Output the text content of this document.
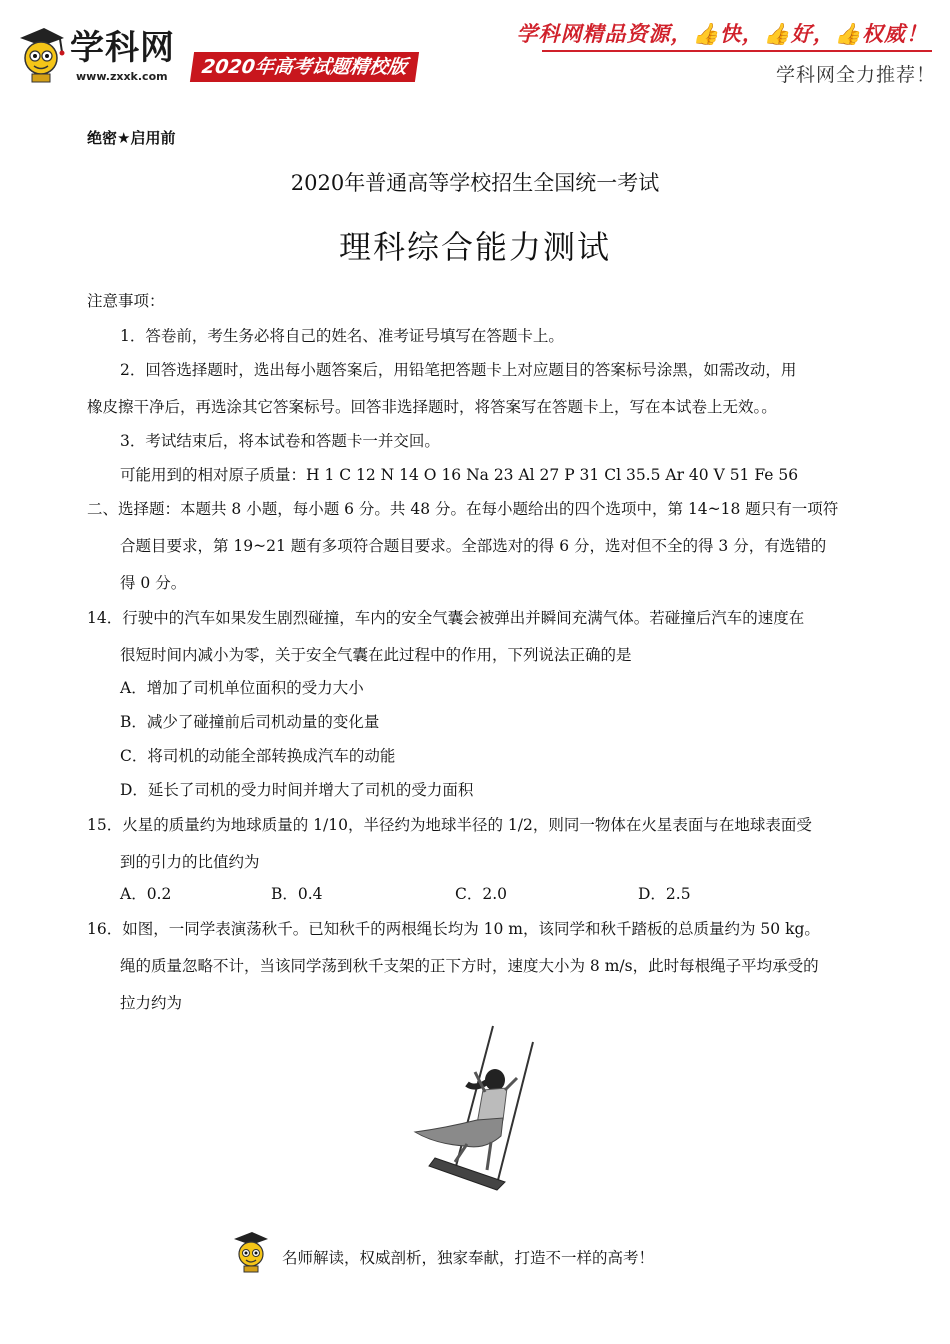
学科网
www.zxxk.com	2020年高考试题精校版
学科网精品资源，👍快，👍好，👍权威！
学科网全力推荐！
绝密★启用前
2020年普通高等学校招生全国统一考试
理科综合能力测试
注意事项：
1．答卷前，考生务必将自己的姓名、准考证号填写在答题卡上。
2．回答选择题时，选出每小题答案后，用铅笔把答题卡上对应题目的答案标号涂黑，如需改动，用
橡皮擦干净后，再选涂其它答案标号。回答非选择题时，将答案写在答题卡上，写在本试卷上无效。。
3．考试结束后，将本试卷和答题卡一并交回。
可能用到的相对原子质量：H 1 C 12 N 14 O 16 Na 23 Al 27 P 31 Cl 35.5 Ar 40 V 51 Fe 56
二、选择题：本题共 8 小题，每小题 6 分。共 48 分。在每小题给出的四个选项中，第 14~18 题只有一项符
合题目要求，第 19~21 题有多项符合题目要求。全部选对的得 6 分，选对但不全的得 3 分，有选错的
得 0 分。
14．行驶中的汽车如果发生剧烈碰撞，车内的安全气囊会被弹出并瞬间充满气体。若碰撞后汽车的速度在
很短时间内减小为零，关于安全气囊在此过程中的作用，下列说法正确的是
A．增加了司机单位面积的受力大小
B．减少了碰撞前后司机动量的变化量
C．将司机的动能全部转换成汽车的动能
D．延长了司机的受力时间并增大了司机的受力面积
15．火星的质量约为地球质量的 1/10，半径约为地球半径的 1/2，则同一物体在火星表面与在地球表面受
到的引力的比值约为
A．0.2	B．0.4	C．2.0	D．2.5
16．如图，一同学表演荡秋千。已知秋千的两根绳长均为 10 m，该同学和秋千踏板的总质量约为 50 kg。
绳的质量忽略不计，当该同学荡到秋千支架的正下方时，速度大小为 8 m/s，此时每根绳子平均承受的
拉力约为
名师解读，权威剖析，独家奉献，打造不一样的高考！
